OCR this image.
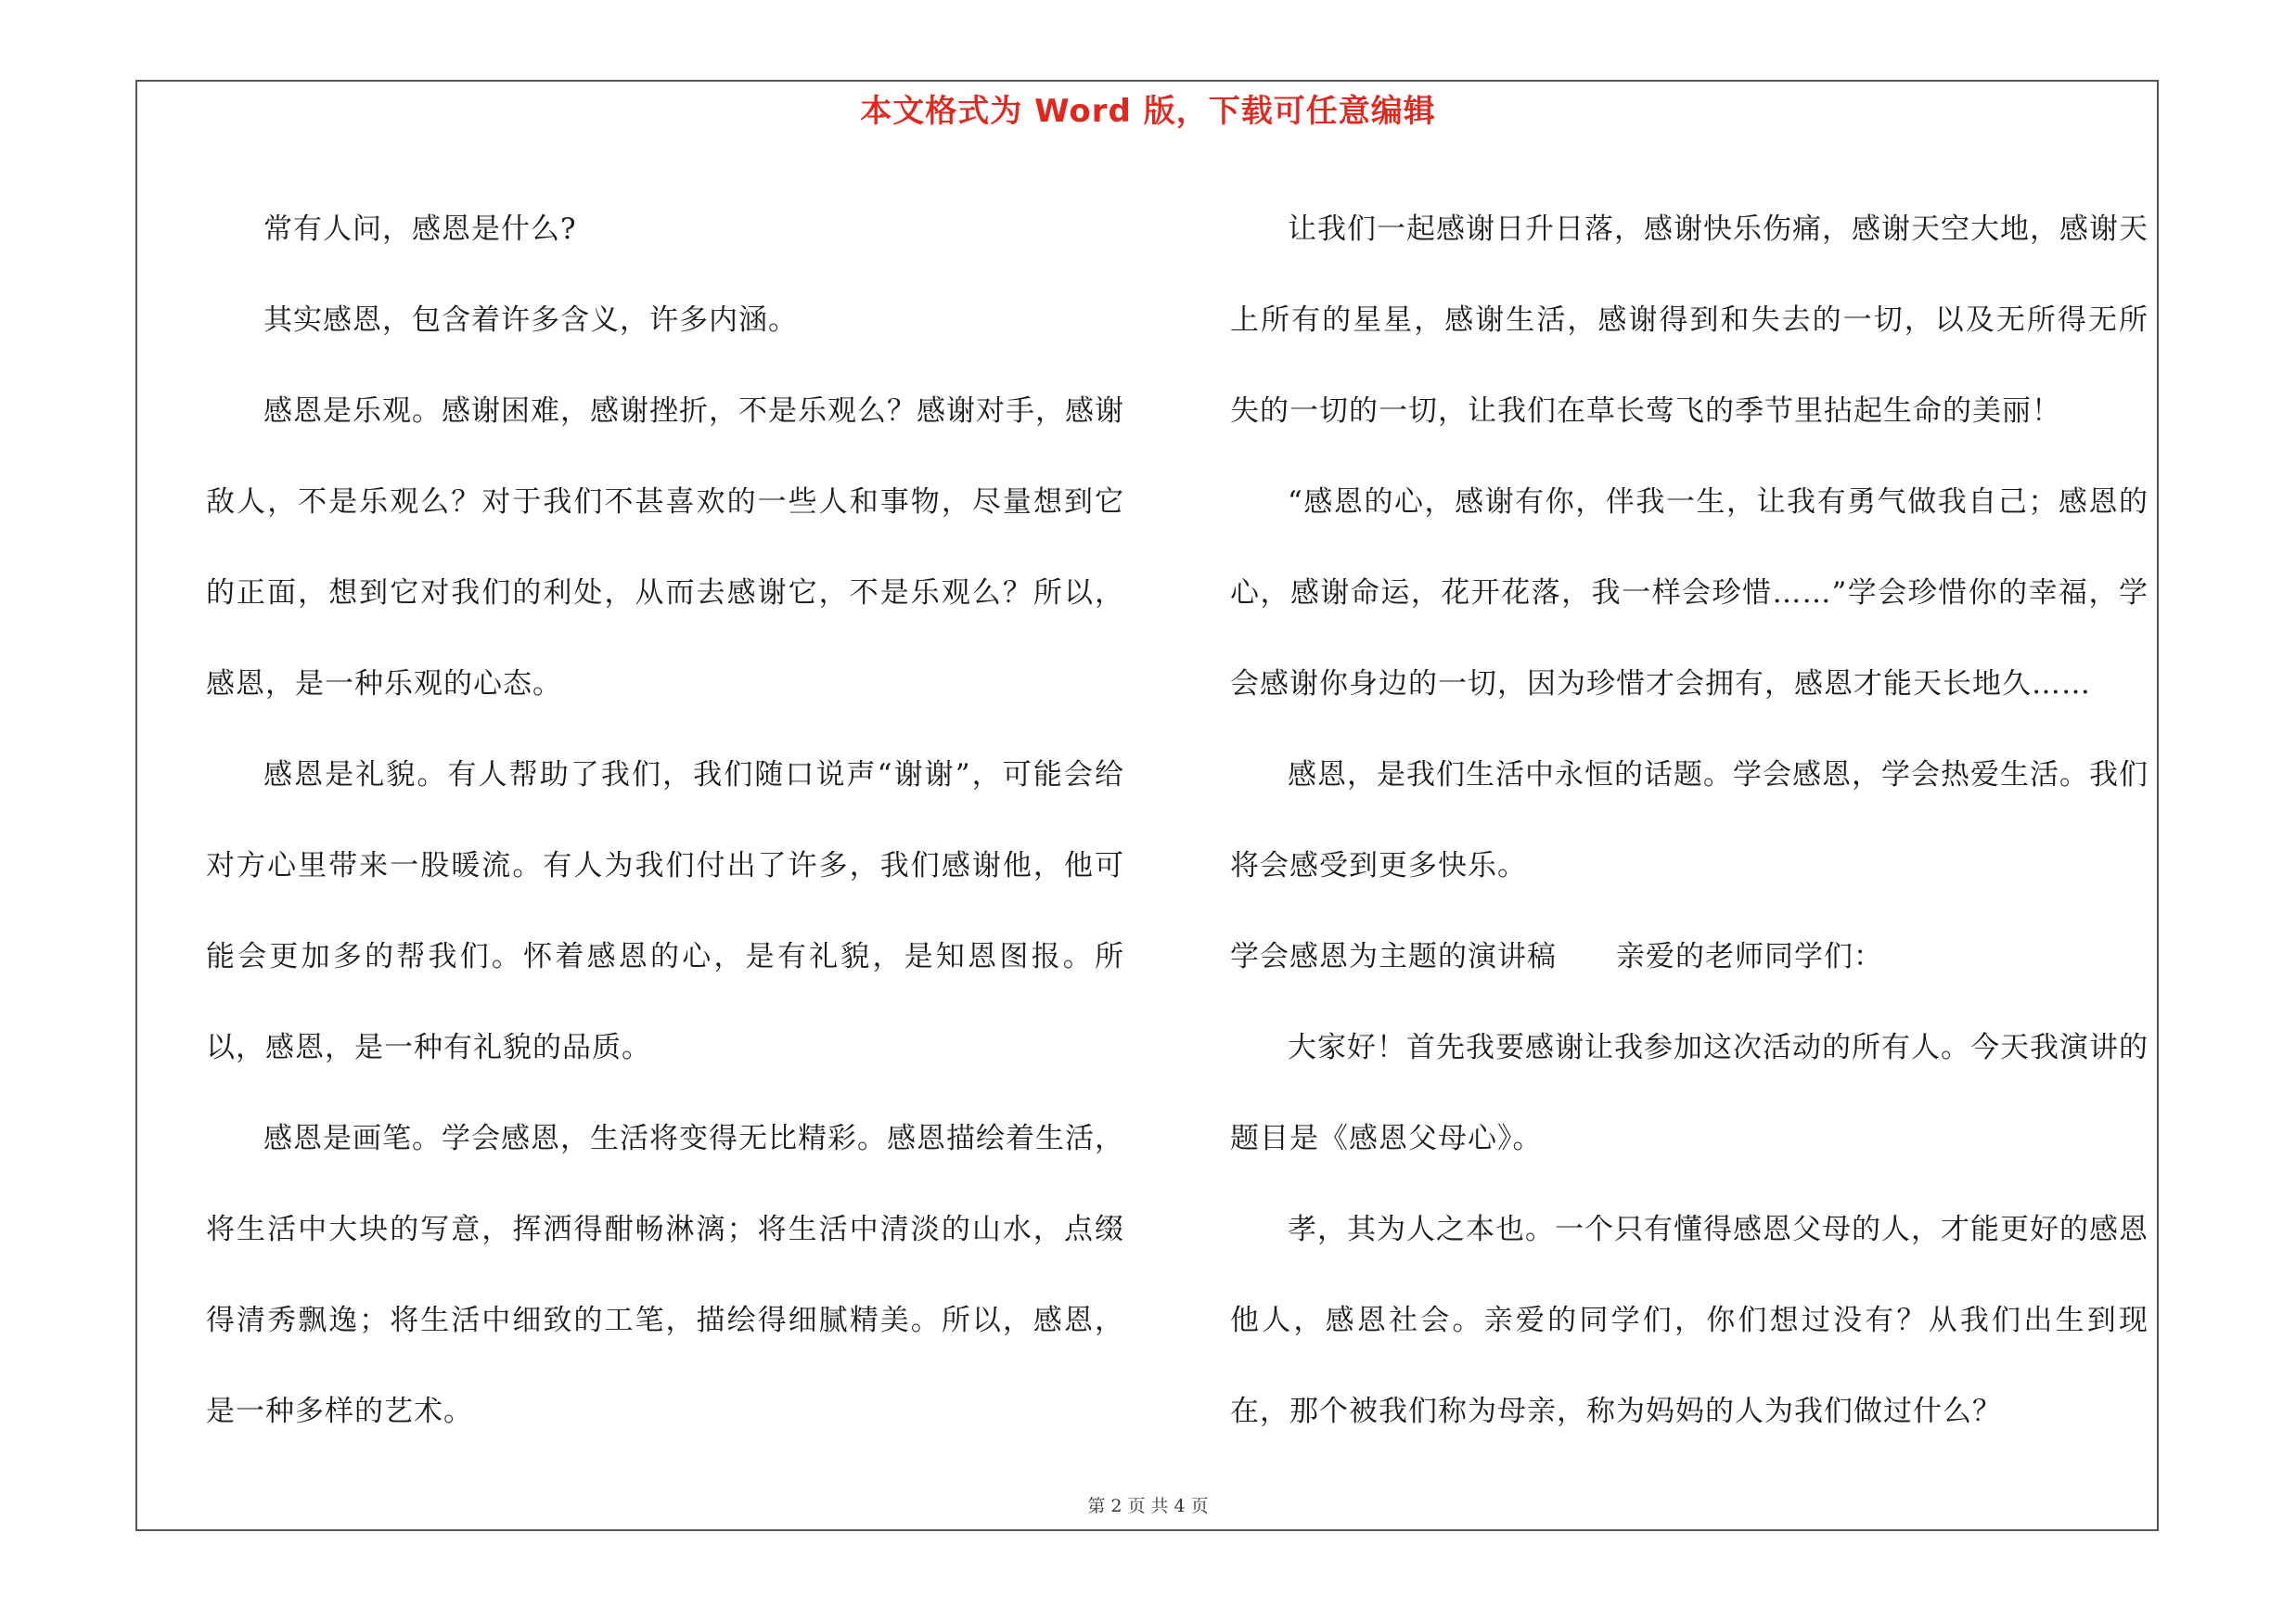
本文格式为 Word 版，下载可任意编辑

常有人问，感恩是什么?

其实感恩，包含着许多含义，许多内涵。

感恩是乐观。感谢困难，感谢挫折，不是乐观么？感谢对手，感谢敌人，不是乐观么？对于我们不甚喜欢的一些人和事物，尽量想到它的正面，想到它对我们的利处，从而去感谢它，不是乐观么？所以，感恩，是一种乐观的心态。

感恩是礼貌。有人帮助了我们，我们随口说声“谢谢”，可能会给对方心里带来一股暖流。有人为我们付出了许多，我们感谢他，他可能会更加多的帮我们。怀着感恩的心，是有礼貌，是知恩图报。所以，感恩，是一种有礼貌的品质。

感恩是画笔。学会感恩，生活将变得无比精彩。感恩描绘着生活，将生活中大块的写意，挥洒得酣畅淋漓；将生活中清淡的山水，点缀得清秀飘逸；将生活中细致的工笔，描绘得细腻精美。所以，感恩，是一种多样的艺术。

让我们一起感谢日升日落，感谢快乐伤痛，感谢天空大地，感谢天上所有的星星，感谢生活，感谢得到和失去的一切，以及无所得无所失的一切的一切，让我们在草长莺飞的季节里拈起生命的美丽！

“感恩的心，感谢有你，伴我一生，让我有勇气做我自己；感恩的心，感谢命运，花开花落，我一样会珍惜……”学会珍惜你的幸福，学会感谢你身边的一切，因为珍惜才会拥有，感恩才能天长地久……

感恩，是我们生活中永恒的话题。学会感恩，学会热爱生活。我们将会感受到更多快乐。

学会感恩为主题的演讲稿　　亲爱的老师同学们：

大家好！首先我要感谢让我参加这次活动的所有人。今天我演讲的题目是《感恩父母心》。

孝，其为人之本也。一个只有懂得感恩父母的人，才能更好的感恩他人，感恩社会。亲爱的同学们，你们想过没有？从我们出生到现在，那个被我们称为母亲，称为妈妈的人为我们做过什么？

第 2 页 共 4 页
